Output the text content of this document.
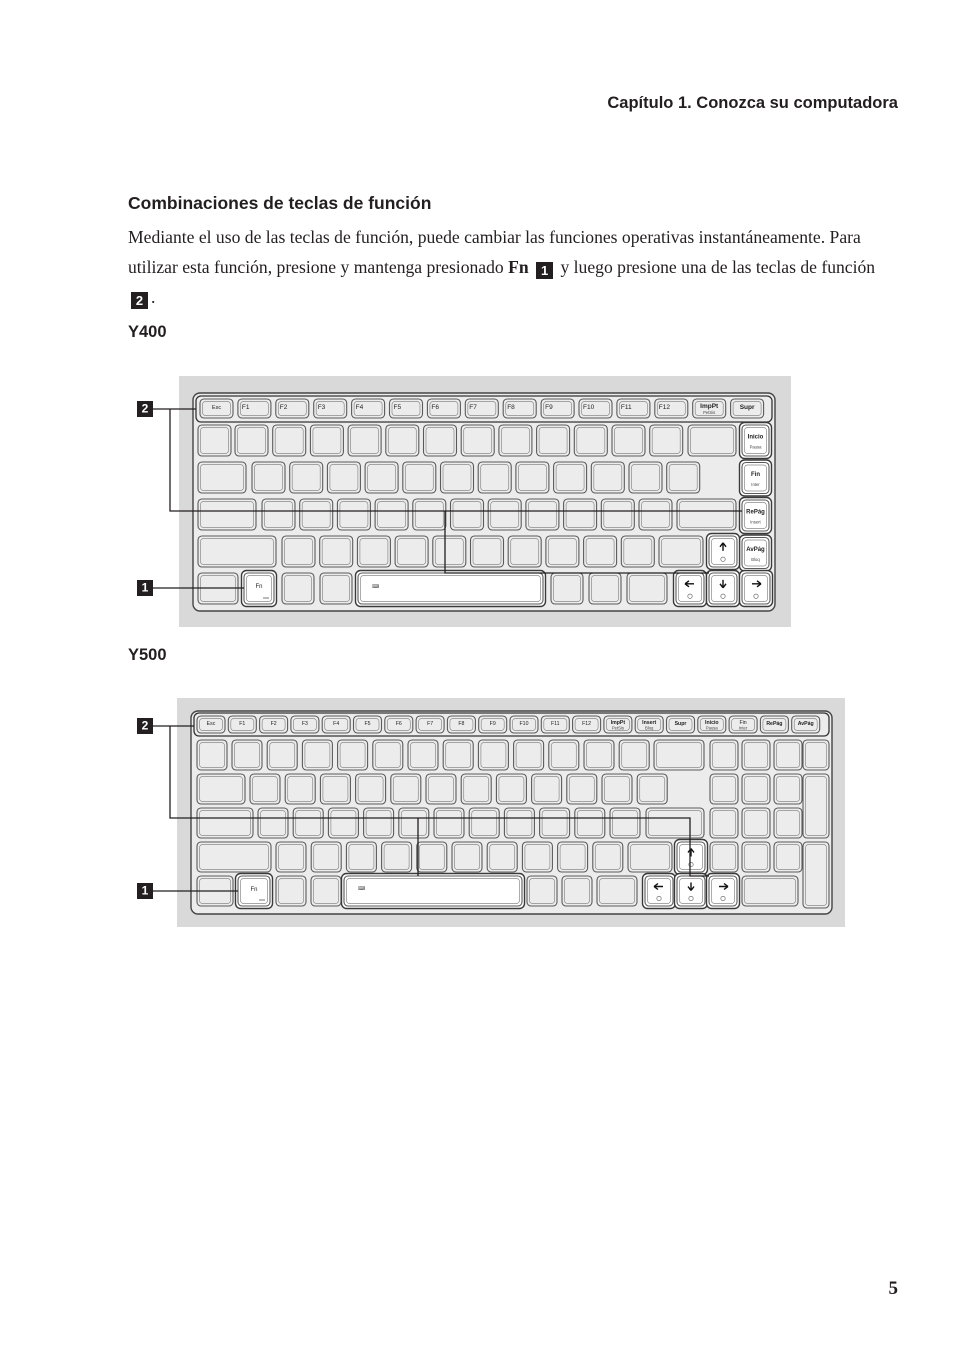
Capítulo 1. Conozca su computadora
Combinaciones de teclas de función
Mediante el uso de las teclas de función, puede cambiar las funciones operativas instantáneamente. Para utilizar esta función, presione y mantenga presionado Fn 1 y luego presione una de las teclas de función 2 .
Y400
Y500
Esc	F1	F2	F3	F4	F5	F6	F7	F8	F9	F10	F11	F12	ImpPt
PetSis
Supr
Fn	⌨
Inicio
Pausa
Fin
Inter
RePág
Insert
AvPág
Bloq
2
1
Esc	F1	F2	F3	F4	F5	F6	F7	F8	F9	F10	F11	F12	ImpPt
PetSis
Insert
Bloq
Supr	Inicio
Pausa
Fin
Inter
RePág	AvPág
Fn	⌨
2
1
5
